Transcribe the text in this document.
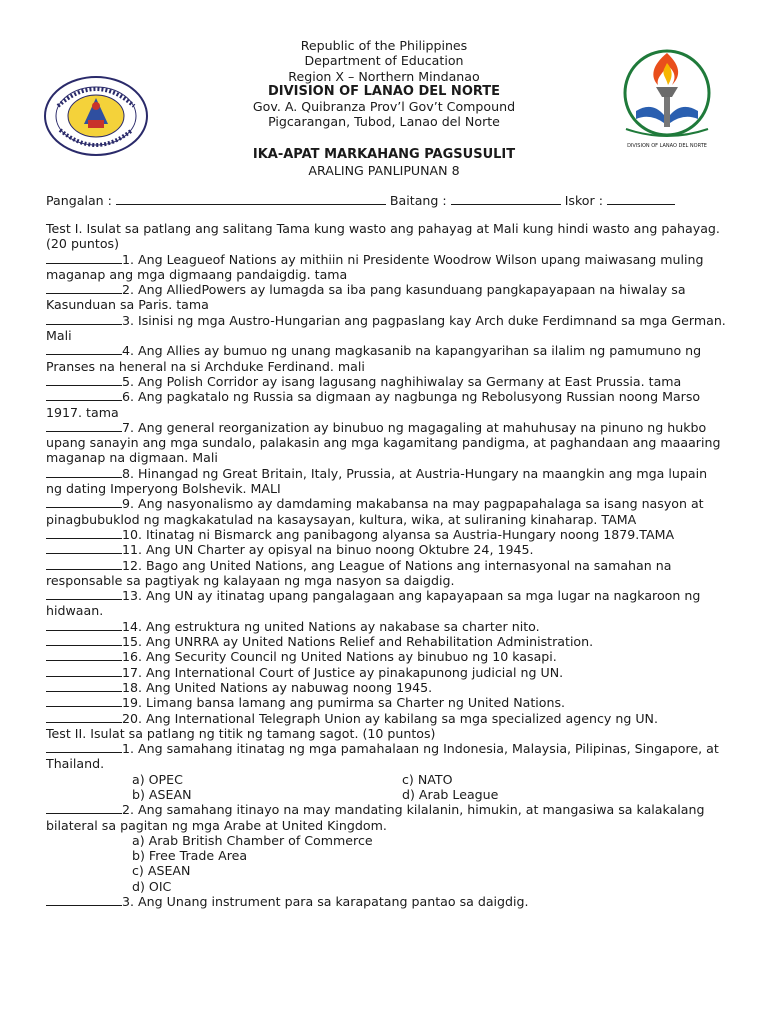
DIVISION OF LANAO DEL NORTE
Republic of the Philippines
Department of Education
Region X – Northern Mindanao
DIVISION OF LANAO DEL NORTE
Gov. A. Quibranza Prov’l Gov’t Compound
Pigcarangan, Tubod, Lanao del Norte
IKA-APAT MARKAHANG PAGSUSULIT
ARALING PANLIPUNAN 8
Pangalan :	Baitang :	Iskor :

Test I. Isulat sa patlang ang salitang Tama kung wasto ang pahayag at Mali kung hindi wasto ang pahayag. (20 puntos)

1. Ang Leagueof Nations ay mithiin ni Presidente Woodrow Wilson upang maiwasang muling maganap ang mga digmaang pandaigdig. tama

2. Ang AlliedPowers ay lumagda sa iba pang kasunduang pangkapayapaan na hiwalay sa Kasunduan sa Paris. tama

3. Isinisi ng mga Austro-Hungarian ang pagpaslang kay Arch duke Ferdimnand sa mga German. Mali

4. Ang Allies ay bumuo ng unang magkasanib na kapangyarihan sa ilalim ng pamumuno ng Pranses na heneral na si Archduke Ferdinand. mali

5. Ang Polish Corridor ay isang lagusang naghihiwalay sa Germany at East Prussia. tama

6. Ang pagkatalo ng Russia sa digmaan ay nagbunga ng Rebolusyong Russian noong Marso 1917. tama

7. Ang general reorganization ay binubuo ng magagaling at mahuhusay na pinuno ng hukbo upang sanayin ang mga sundalo, palakasin ang mga kagamitang pandigma, at paghandaan ang maaaring maganap na digmaan. Mali

8. Hinangad ng Great Britain, Italy, Prussia, at Austria-Hungary na maangkin ang mga lupain ng dating Imperyong Bolshevik. MALI

9. Ang nasyonalismo ay damdaming makabansa na may pagpapahalaga sa isang nasyon at pinagbubuklod ng magkakatulad na kasaysayan, kultura, wika, at suliraning kinaharap. TAMA

10. Itinatag ni Bismarck ang panibagong alyansa sa Austria-Hungary noong 1879.TAMA

11. Ang UN Charter ay opisyal na binuo noong Oktubre 24, 1945.

12. Bago ang United Nations, ang League of Nations ang internasyonal na samahan na responsable sa pagtiyak ng kalayaan ng mga nasyon sa daigdig.

13. Ang UN ay itinatag upang pangalagaan ang kapayapaan sa mga lugar na nagkaroon ng hidwaan.

14. Ang estruktura ng united Nations ay nakabase sa charter nito.

15. Ang UNRRA ay United Nations Relief and Rehabilitation Administration.

16. Ang Security Council ng United Nations ay binubuo ng 10 kasapi.

17. Ang International Court of Justice ay pinakapunong judicial ng UN.

18. Ang United Nations ay nabuwag noong 1945.

19. Limang bansa lamang ang pumirma sa Charter ng United Nations.

20. Ang International Telegraph Union ay kabilang sa mga specialized agency ng UN.

Test II. Isulat sa patlang ng titik ng tamang sagot. (10 puntos)

1. Ang samahang itinatag ng mga pamahalaan ng Indonesia, Malaysia, Pilipinas, Singapore, at Thailand.

a) OPEC	c) NATO
b) ASEAN	d) Arab League

2. Ang samahang itinayo na may mandating kilalanin, himukin, at mangasiwa sa kalakalang bilateral sa pagitan ng mga Arabe at United Kingdom.

a) Arab British Chamber of Commerce
b) Free Trade Area
c) ASEAN
d) OIC

3. Ang Unang instrument para sa karapatang pantao sa daigdig.
